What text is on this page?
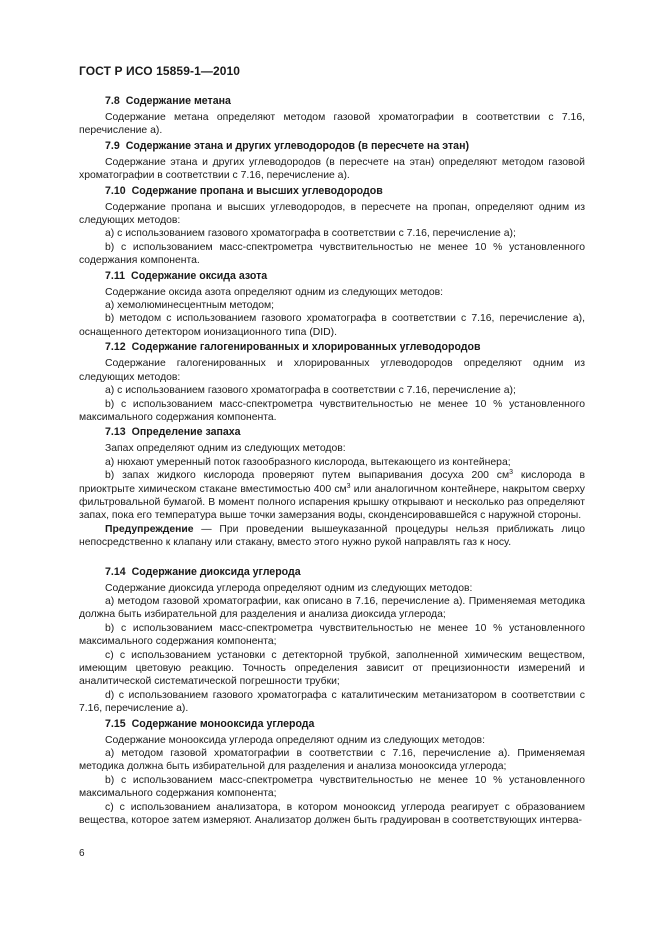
ГОСТ Р ИСО 15859-1—2010
7.8 Содержание метана

Содержание метана определяют методом газовой хроматографии в соответствии с 7.16, перечисление а).

7.9 Содержание этана и других углеводородов (в пересчете на этан)

Содержание этана и других углеводородов (в пересчете на этан) определяют методом газовой хроматографии в соответствии с 7.16, перечисление а).

7.10 Содержание пропана и высших углеводородов

Содержание пропана и высших углеводородов, в пересчете на пропан, определяют одним из следующих методов:

а) с использованием газового хроматографа в соответствии с 7.16, перечисление а);

b) с использованием масс-спектрометра чувствительностью не менее 10 % установленного содержания компонента.

7.11 Содержание оксида азота

Содержание оксида азота определяют одним из следующих методов:

а) хемолюминесцентным методом;

b) методом с использованием газового хроматографа в соответствии с 7.16, перечисление а), оснащенного детектором ионизационного типа (DID).

7.12 Содержание галогенированных и хлорированных углеводородов

Содержание галогенированных и хлорированных углеводородов определяют одним из следующих методов:

а) с использованием газового хроматографа в соответствии с 7.16, перечисление а);

b) с использованием масс-спектрометра чувствительностью не менее 10 % установленного максимального содержания компонента.

7.13 Определение запаха

Запах определяют одним из следующих методов:

а) нюхают умеренный поток газообразного кислорода, вытекающего из контейнера;

b) запах жидкого кислорода проверяют путем выпаривания досуха 200 $см^3$ кислорода в приоктрыте химическом стакане вместимостью 400 $см^3$ или аналогичном контейнере, накрытом сверху фильтровальной бумагой. В момент полного испарения крышку открывают и несколько раз определяют запах, пока его температура выше точки замерзания воды, сконденсировавшейся с наружной стороны.

Предупреждение — При проведении вышеуказанной процедуры нельзя приближать лицо непосредственно к клапану или стакану, вместо этого нужно рукой направлять газ к носу.

7.14 Содержание диоксида углерода

Содержание диоксида углерода определяют одним из следующих методов:

а) методом газовой хроматографии, как описано в 7.16, перечисление а). Применяемая методика должна быть избирательной для разделения и анализа диоксида углерода;

b) с использованием масс-спектрометра чувствительностью не менее 10 % установленного максимального содержания компонента;

с) с использованием установки с детекторной трубкой, заполненной химическим веществом, имеющим цветовую реакцию. Точность определения зависит от прецизионности измерений и аналитической систематической погрешности трубки;

d) с использованием газового хроматографа с каталитическим метанизатором в соответствии с 7.16, перечисление а).

7.15 Содержание монооксида углерода

Содержание монооксида углерода определяют одним из следующих методов:

а) методом газовой хроматографии в соответствии с 7.16, перечисление а). Применяемая методика должна быть избирательной для разделения и анализа монооксида углерода;

b) с использованием масс-спектрометра чувствительностью не менее 10 % установленного максимального содержания компонента;

с) с использованием анализатора, в котором монооксид углерода реагирует с образованием вещества, которое затем измеряют. Анализатор должен быть градуирован в соответствующих интерва-

6
